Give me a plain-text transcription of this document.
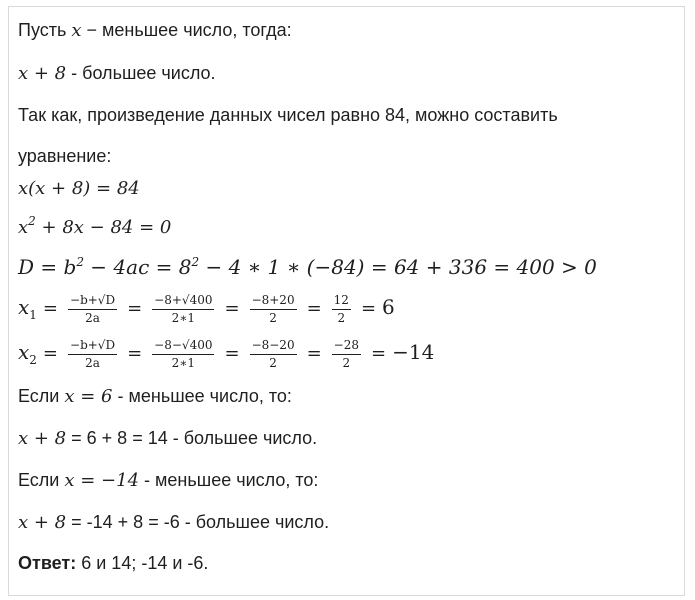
Пусть x − меньшее число, тогда:
x + 8 - большее число.
Так как, произведение данных чисел равно 84, можно составить
уравнение:
x(x + 8) = 84
$x^2 + 8x - 84 = 0$
$D = b^2 - 4ac = 8^2 - 4$ ∗ 1 ∗ (−84) = 64 + 336 = 400 > 0
$x_1 = \frac{-b+√D}{2a} = \frac{-8+√400}{2∗1} = \frac{-8+20}{2} = \frac{12}{2} = 6$
$x_2 = \frac{-b+√D}{2a} = \frac{-8-√400}{2∗1} = \frac{-8-20}{2} = \frac{-28}{2} = -14$
Если x = 6 - меньшее число, то:
x + 8 = 6 + 8 = 14 - большее число.
Если x = −14 - меньшее число, то:
x + 8 = -14 + 8 = -6 - большее число.
Ответ: 6 и 14; -14 и -6.
